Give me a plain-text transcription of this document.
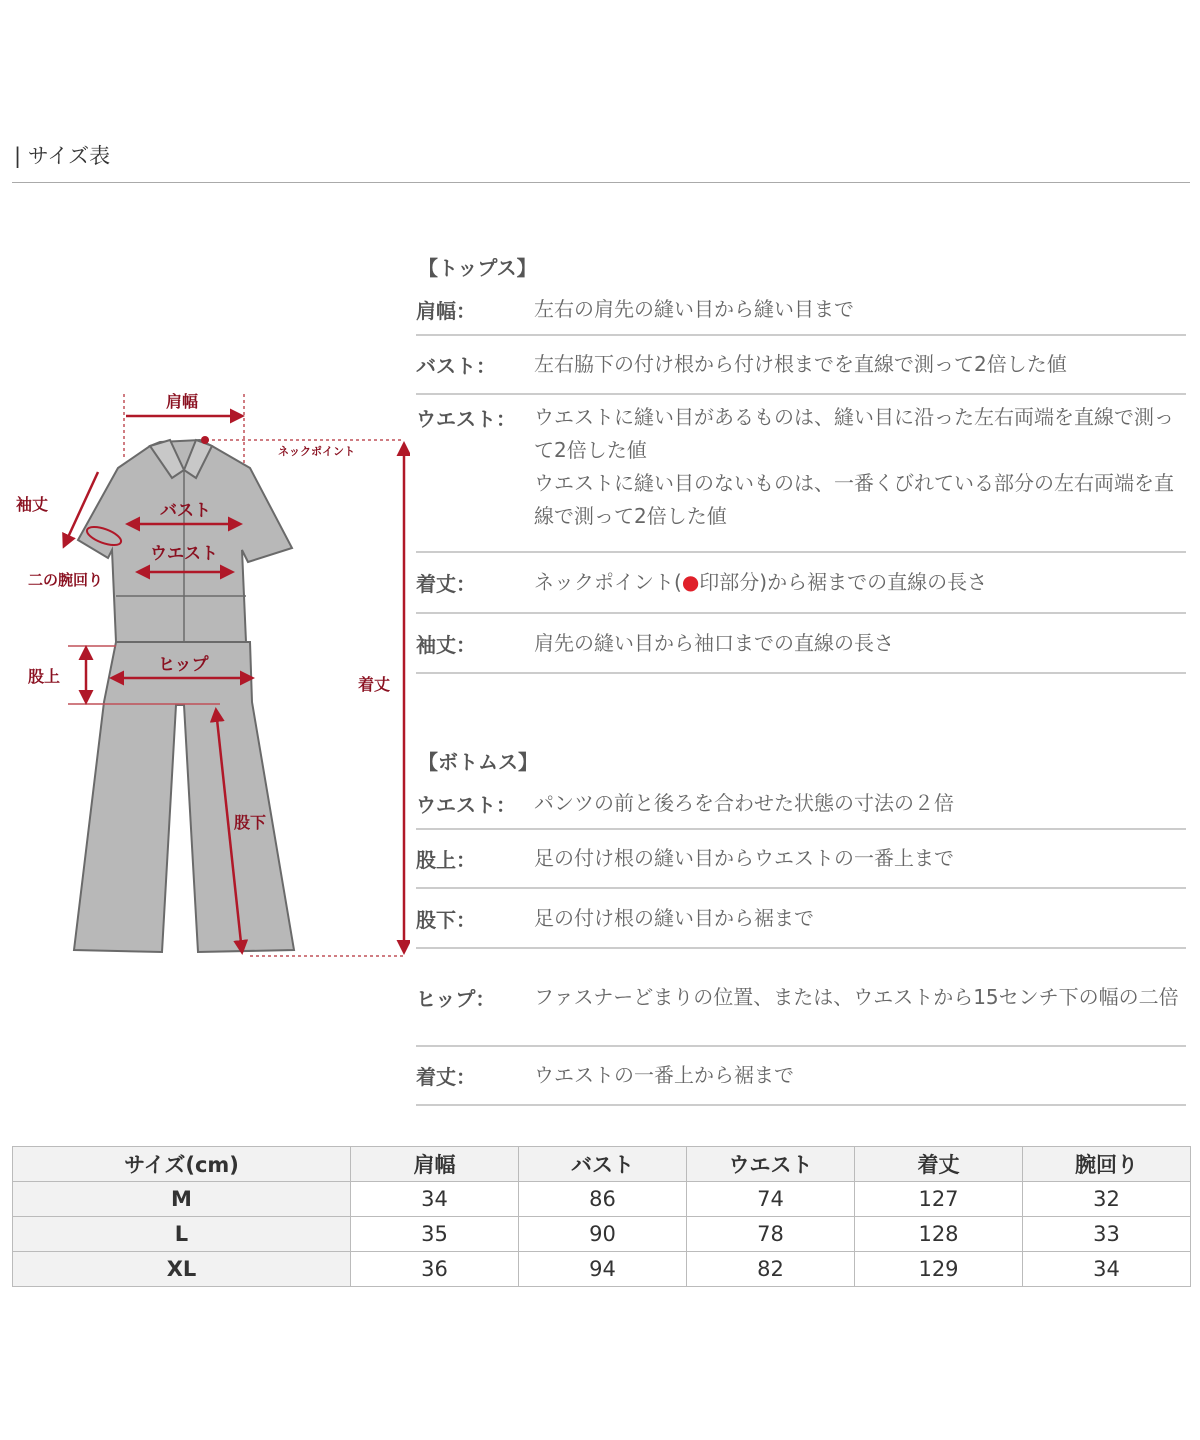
| サイズ表
肩幅
ネックポイント
袖丈	バスト
ウエスト
二の腕回り
股上
ヒップ
着丈
股下
【トップス】
肩幅：	左右の肩先の縫い目から縫い目まで
バスト：	左右脇下の付け根から付け根までを直線で測って2倍した値
ウエスト： ウエストに縫い目があるものは、縫い目に沿った左右両端を直線で測って2倍した値
ウエストに縫い目のないものは、一番くびれている部分の左右両端を直線で測って2倍した値
着丈：	ネックポイント(●印部分)から裾までの直線の長さ
袖丈：	肩先の縫い目から袖口までの直線の長さ
【ボトムス】
ウエスト： パンツの前と後ろを合わせた状態の寸法の２倍
股上：	足の付け根の縫い目からウエストの一番上まで
股下：	足の付け根の縫い目から裾まで
ヒップ：	ファスナーどまりの位置、または、ウエストから15センチ下の幅の二倍
着丈：	ウエストの一番上から裾まで
サイズ(cm)	肩幅	バスト	ウエスト	着丈	腕回り
M	34	86	74	127	32
L	35	90	78	128	33
XL	36	94	82	129	34
